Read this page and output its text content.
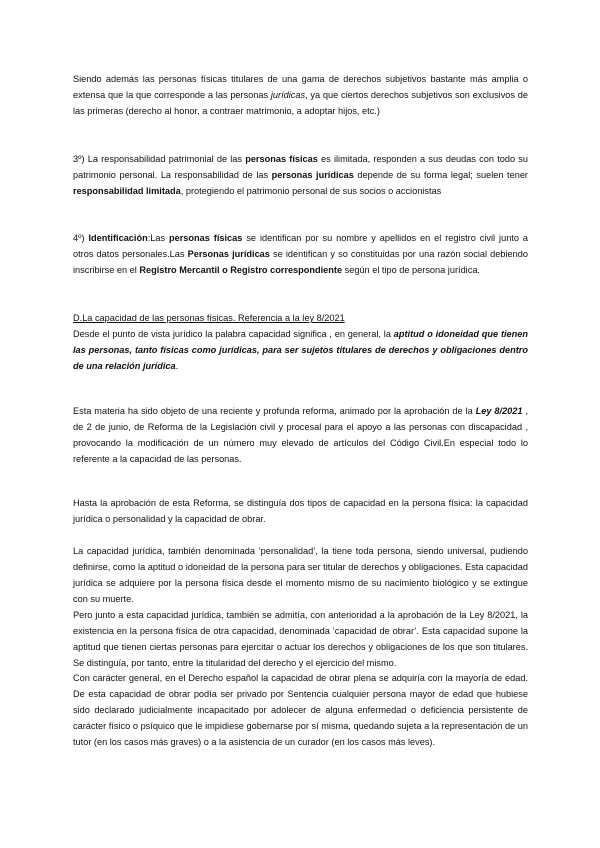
Siendo además las personas físicas titulares de una gama de derechos subjetivos bastante más amplia o extensa que la que corresponde a las personas jurídicas, ya que ciertos derechos subjetivos son exclusivos de las primeras (derecho al honor, a contraer matrimonio, a adoptar hijos, etc.)

3º) La responsabilidad patrimonial de las personas físicas es ilimitada, responden a sus deudas con todo su patrimonio personal. La responsabilidad de las personas jurídicas depende de su forma legal; suelen tener responsabilidad limitada, protegiendo el patrimonio personal de sus socios o accionistas

4º) Identificación:Las personas físicas se identifican por su nombre y apellidos en el registro civil junto a otros datos personales.Las Personas jurídicas se identifican y so constituidas por una razón social debiendo inscribirse en el Registro Mercantil o Registro correspondiente según el tipo de persona jurídica.

D.La capacidad de las personas físicas. Referencia a la ley 8/2021

Desde el punto de vista jurídico la palabra capacidad significa , en general, la aptitud o idoneidad que tienen las personas, tanto físicas como jurídicas, para ser sujetos titulares de derechos y obligaciones dentro de una relación jurídica.

Esta materia ha sido objeto de una reciente y profunda reforma, animado por la aprobación de la Ley 8/2021 , de 2 de junio, de Reforma de la Legislación civil y procesal para el apoyo a las personas con discapacidad , provocando la modificación de un número muy elevado de artículos del Código Civil.En especial todo lo referente a la capacidad de las personas.

Hasta la aprobación de esta Reforma, se distinguía dos tipos de capacidad en la persona física: la capacidad jurídica o personalidad y la capacidad de obrar.

La capacidad jurídica, también denominada ‘personalidad’, la tiene toda persona, siendo universal, pudiendo definirse, como la aptitud o idoneidad de la persona para ser titular de derechos y obligaciones. Esta capacidad jurídica se adquiere por la persona física desde el momento mismo de su nacimiento biológico y se extingue con su muerte.

Pero junto a esta capacidad jurídica, también se admitía, con anterioridad a la aprobación de la Ley 8/2021, la existencia en la persona física de otra capacidad, denominada ‘capacidad de obrar’. Esta capacidad supone la aptitud que tienen ciertas personas para ejercitar o actuar los derechos y obligaciones de los que son titulares. Se distinguía, por tanto, entre la titularidad del derecho y el ejercicio del mismo.

Con carácter general, en el Derecho español la capacidad de obrar plena se adquiría con la mayoría de edad. De esta capacidad de obrar podía ser privado por Sentencia cualquier persona mayor de edad que hubiese sido declarado judicialmente incapacitado por adolecer de alguna enfermedad o deficiencia persistente de carácter físico o psíquico que le impidiese gobernarse por sí misma, quedando sujeta a la representación de un tutor (en los casos más graves) o a la asistencia de un curador (en los casos más leves).
